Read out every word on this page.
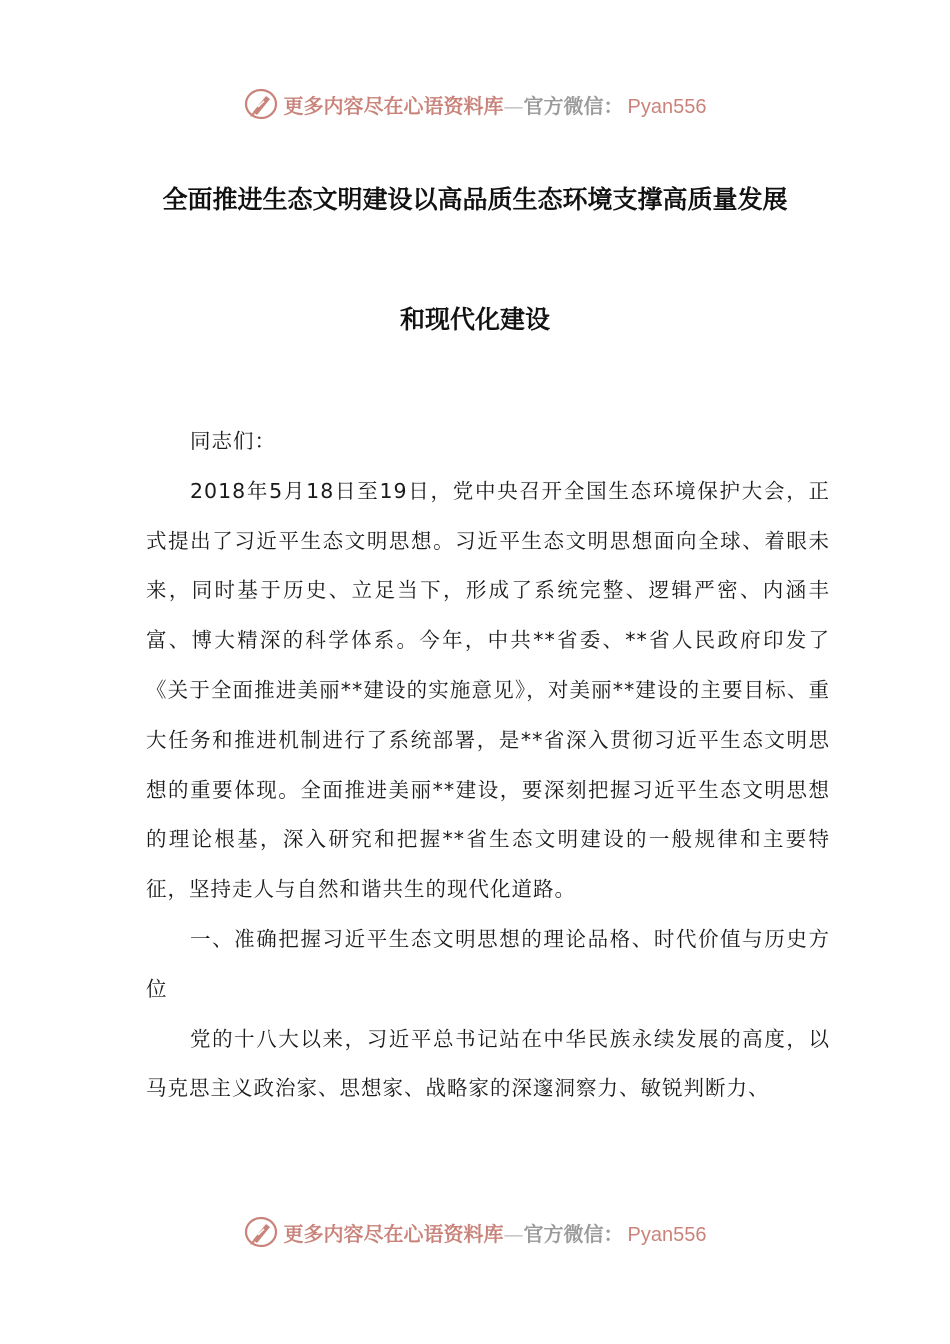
更多内容尽在心语资料库 — 官方微信： Pyan556
全面推进生态文明建设以高品质生态环境支撑高质量发展
和现代化建设

同志们：

2018年5月18日至19日，党中央召开全国生态环境保护大会，正式提出了习近平生态文明思想。习近平生态文明思想面向全球、着眼未来，同时基于历史、立足当下，形成了系统完整、逻辑严密、内涵丰富、博大精深的科学体系。今年，中共**省委、**省人民政府印发了《关于全面推进美丽**建设的实施意见》，对美丽**建设的主要目标、重大任务和推进机制进行了系统部署，是**省深入贯彻习近平生态文明思想的重要体现。全面推进美丽**建设，要深刻把握习近平生态文明思想的理论根基，深入研究和把握**省生态文明建设的一般规律和主要特征，坚持走人与自然和谐共生的现代化道路。

一、准确把握习近平生态文明思想的理论品格、时代价值与历史方位

党的十八大以来，习近平总书记站在中华民族永续发展的高度，以马克思主义政治家、思想家、战略家的深邃洞察力、敏锐判断力、

更多内容尽在心语资料库 — 官方微信： Pyan556
